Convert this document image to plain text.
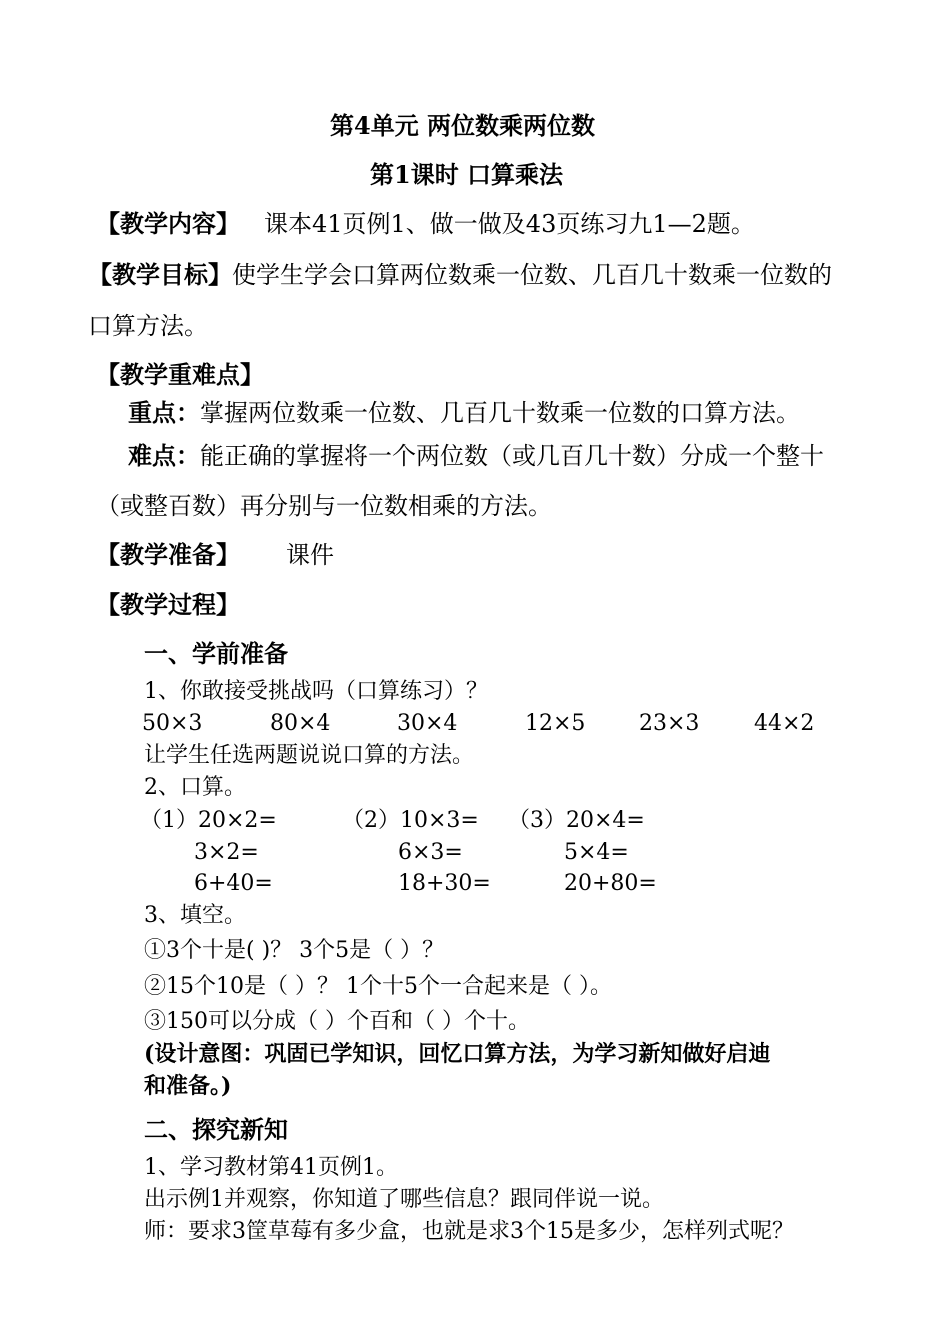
第4单元 两位数乘两位数
第1课时 口算乘法
【教学内容】 课本41页例1、做一做及43页练习九1—2题。
【教学目标】使学生学会口算两位数乘一位数、几百几十数乘一位数的
口算方法。
【教学重难点】
重点：掌握两位数乘一位数、几百几十数乘一位数的口算方法。
难点：能正确的掌握将一个两位数（或几百几十数）分成一个整十
（或整百数）再分别与一位数相乘的方法。
【教学准备】 课件
【教学过程】
一、学前准备
1、你敢接受挑战吗（口算练习）？
50×3	80×4	30×4	12×5 23×3 44×2
让学生任选两题说说口算的方法。
2、口算。
（1）20×2=	（2）10×3= （3）20×4=
3×2=	6×3=	5×4=
6+40=	18+30=	20+80=
3、填空。
①3个十是( )？ 3个5是（ ）？
②15个10是（ ）？ 1个十5个一合起来是（ ）。
③150可以分成（ ）个百和（ ）个十。
(设计意图：巩固已学知识，回忆口算方法，为学习新知做好启迪
和准备。)
二、探究新知
1、学习教材第41页例1。
出示例1并观察，你知道了哪些信息？跟同伴说一说。
师：要求3筐草莓有多少盒，也就是求3个15是多少，怎样列式呢？
